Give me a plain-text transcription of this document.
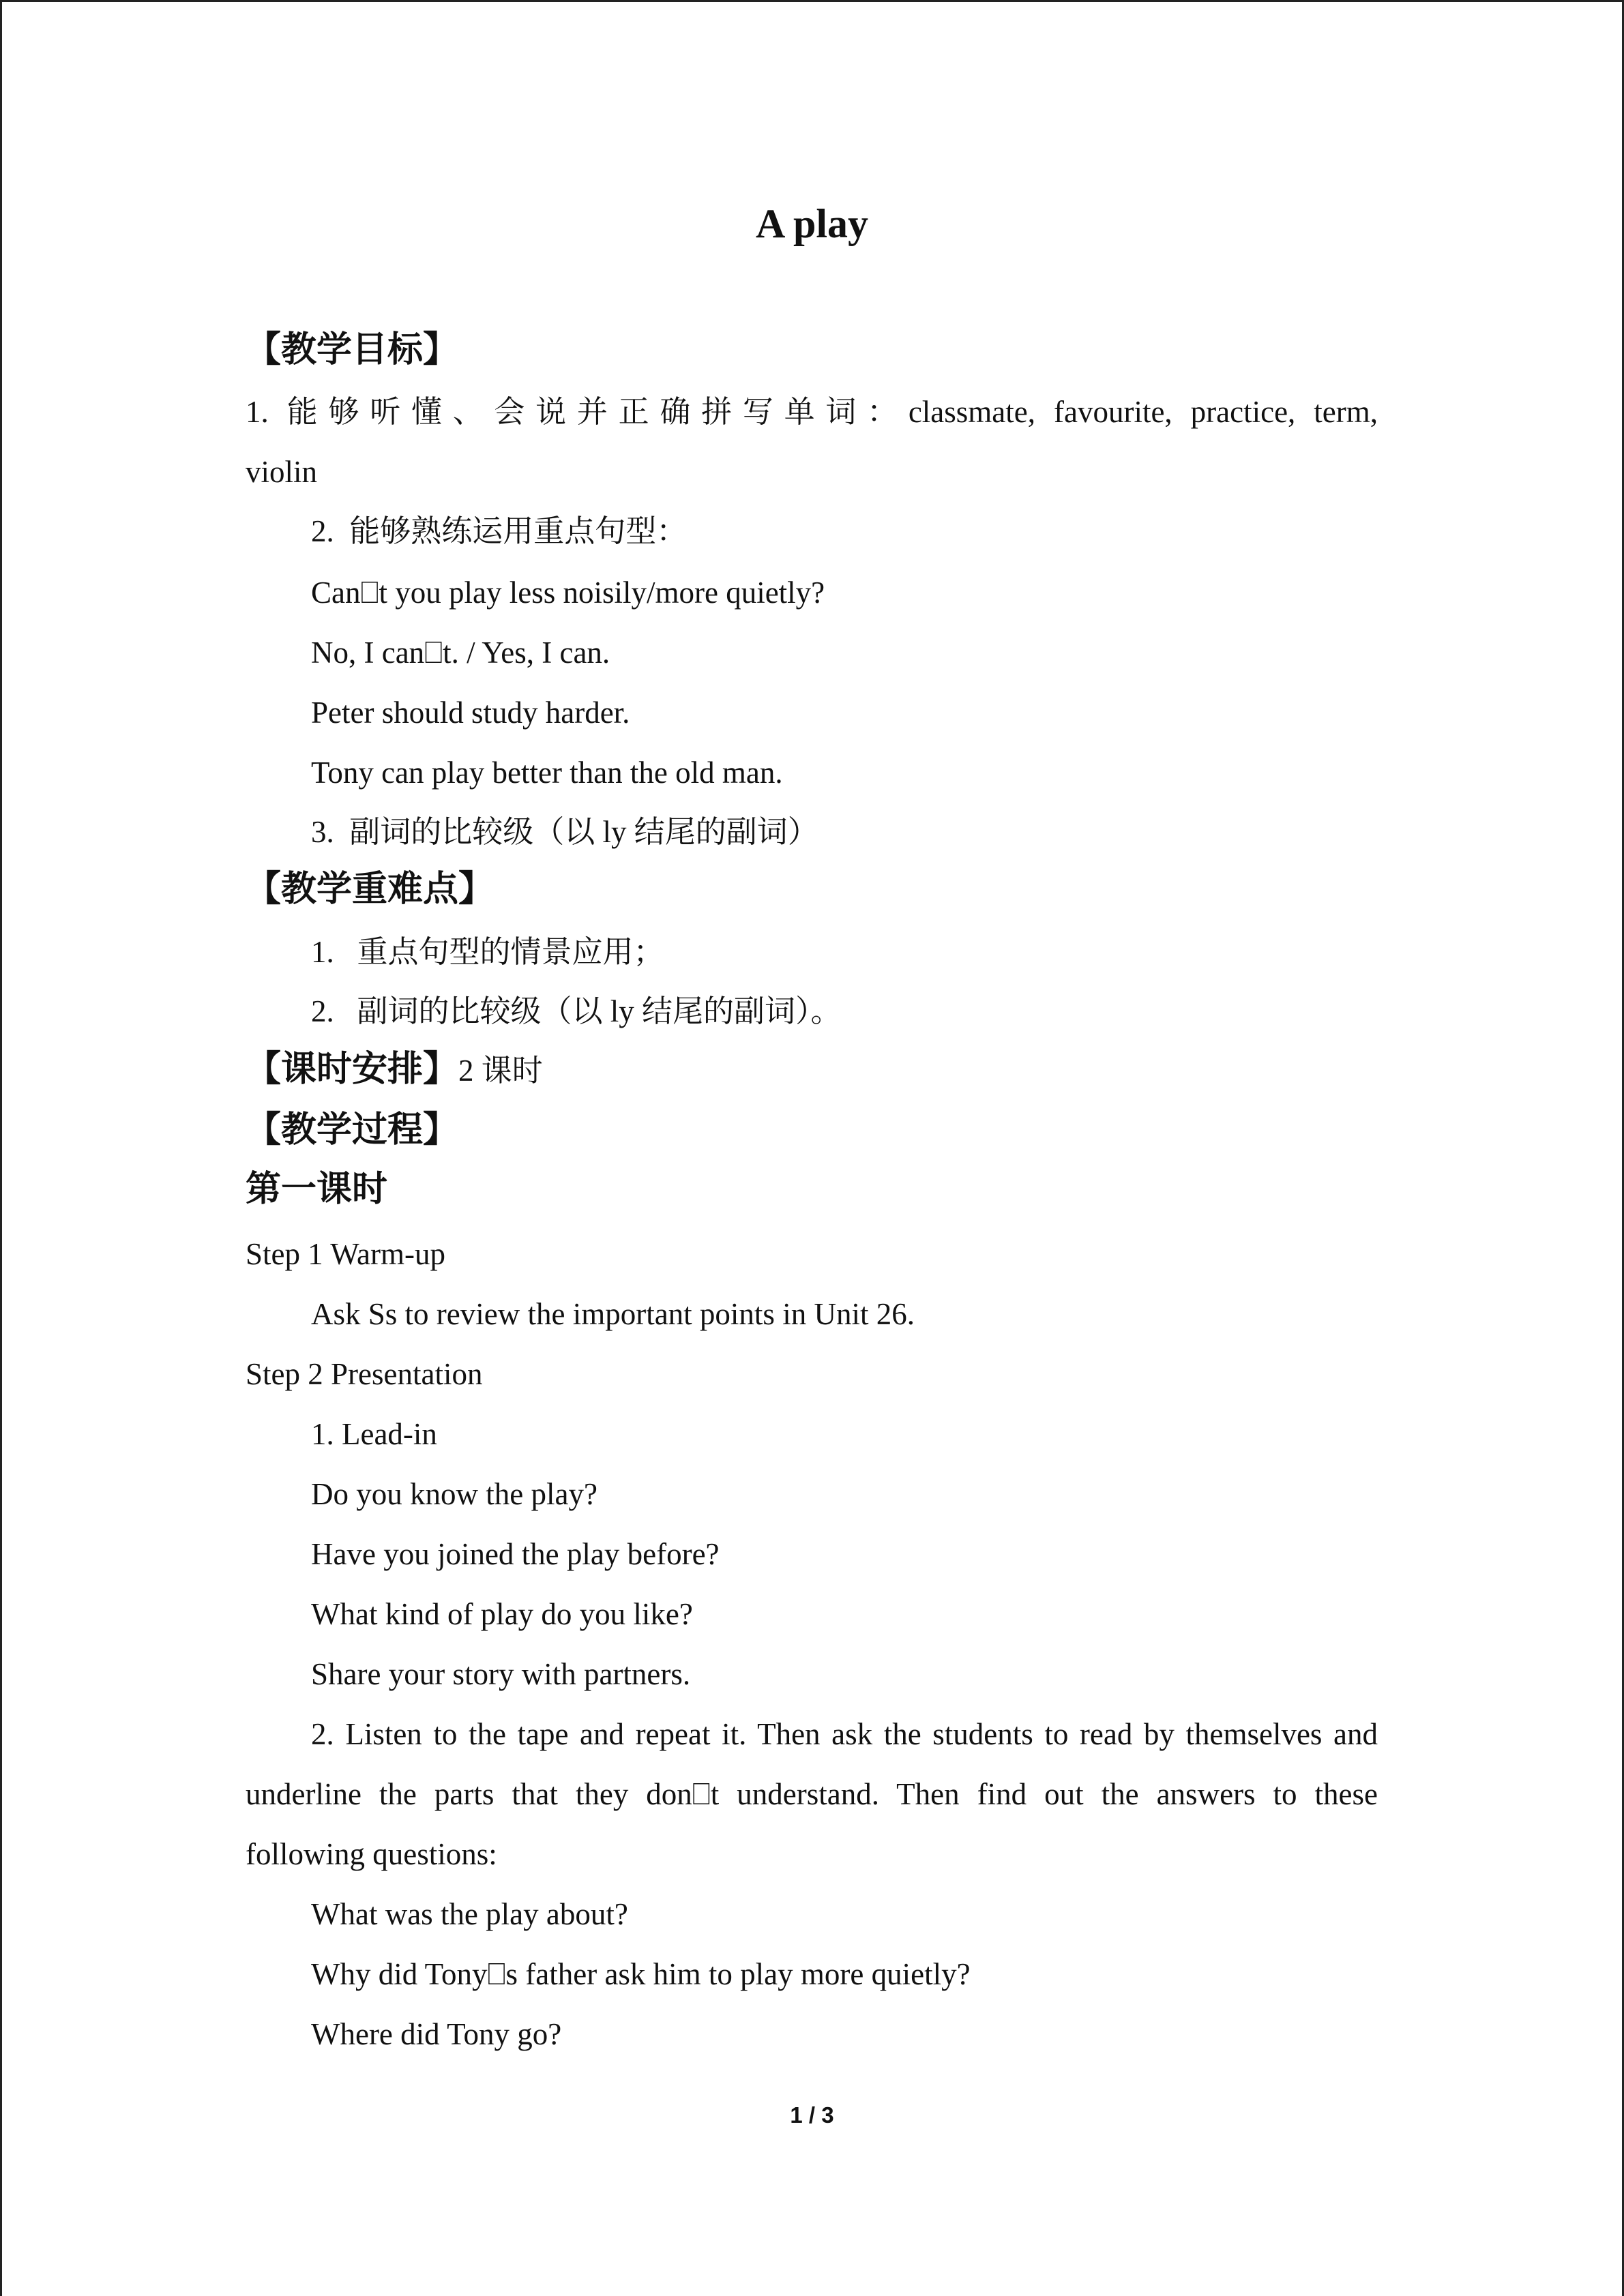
A play
【教学目标】
1. 能够听懂、会说并正确拼写单词：classmate, favourite, practice, term,
violin
2.  能够熟练运用重点句型：
Can⎕t you play less noisily/more quietly?
No, I can⎕t. / Yes, I can.
Peter should study harder.
Tony can play better than the old man.
3.  副词的比较级（以 ly 结尾的副词）
【教学重难点】
1.   重点句型的情景应用；
2.   副词的比较级（以 ly 结尾的副词）。
【课时安排】2 课时
【教学过程】
第一课时
Step 1 Warm-up
Ask Ss to review the important points in Unit 26.
Step 2 Presentation
1. Lead-in
Do you know the play?
Have you joined the play before?
What kind of play do you like?
Share your story with partners.
2. Listen to the tape and repeat it. Then ask the students to read by themselves and
underline the parts that they don⎕t understand. Then find out the answers to these
following questions:
What was the play about?
Why did Tony⎕s father ask him to play more quietly?
Where did Tony go?
1 / 3
